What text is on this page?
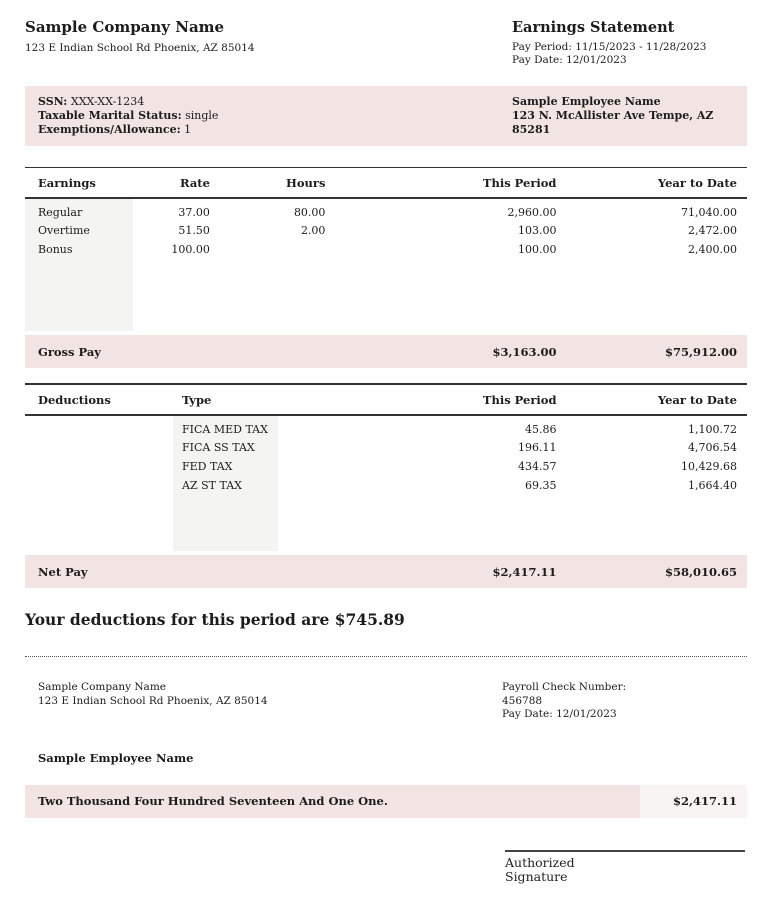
Sample Company Name
123 E Indian School Rd Phoenix, AZ 85014
Earnings Statement
Pay Period: 11/15/2023 - 11/28/2023
Pay Date: 12/01/2023
SSN: XXX-XX-1234
Taxable Marital Status: single
Exemptions/Allowance: 1
Sample Employee Name
123 N. McAllister Ave Tempe, AZ
85281
Earnings	Rate	Hours	This Period	Year to Date
Regular	37.00	80.00	2,960.00	71,040.00
Overtime	51.50	2.00	103.00	2,472.00
Bonus	100.00		100.00	2,400.00

Gross Pay			$3,163.00	$75,912.00
Deductions	Type	This Period	Year to Date
	FICA MED TAX	45.86	1,100.72
	FICA SS TAX	196.11	4,706.54
	FED TAX	434.57	10,429.68
	AZ ST TAX	69.35	1,664.40

Net Pay		$2,417.11	$58,010.65
Your deductions for this period are $745.89
Sample Company Name
123 E Indian School Rd Phoenix, AZ 85014
Payroll Check Number:
456788
Pay Date: 12/01/2023
Sample Employee Name
Two Thousand Four Hundred Seventeen And One One.	$2,417.11
Authorized Signature
